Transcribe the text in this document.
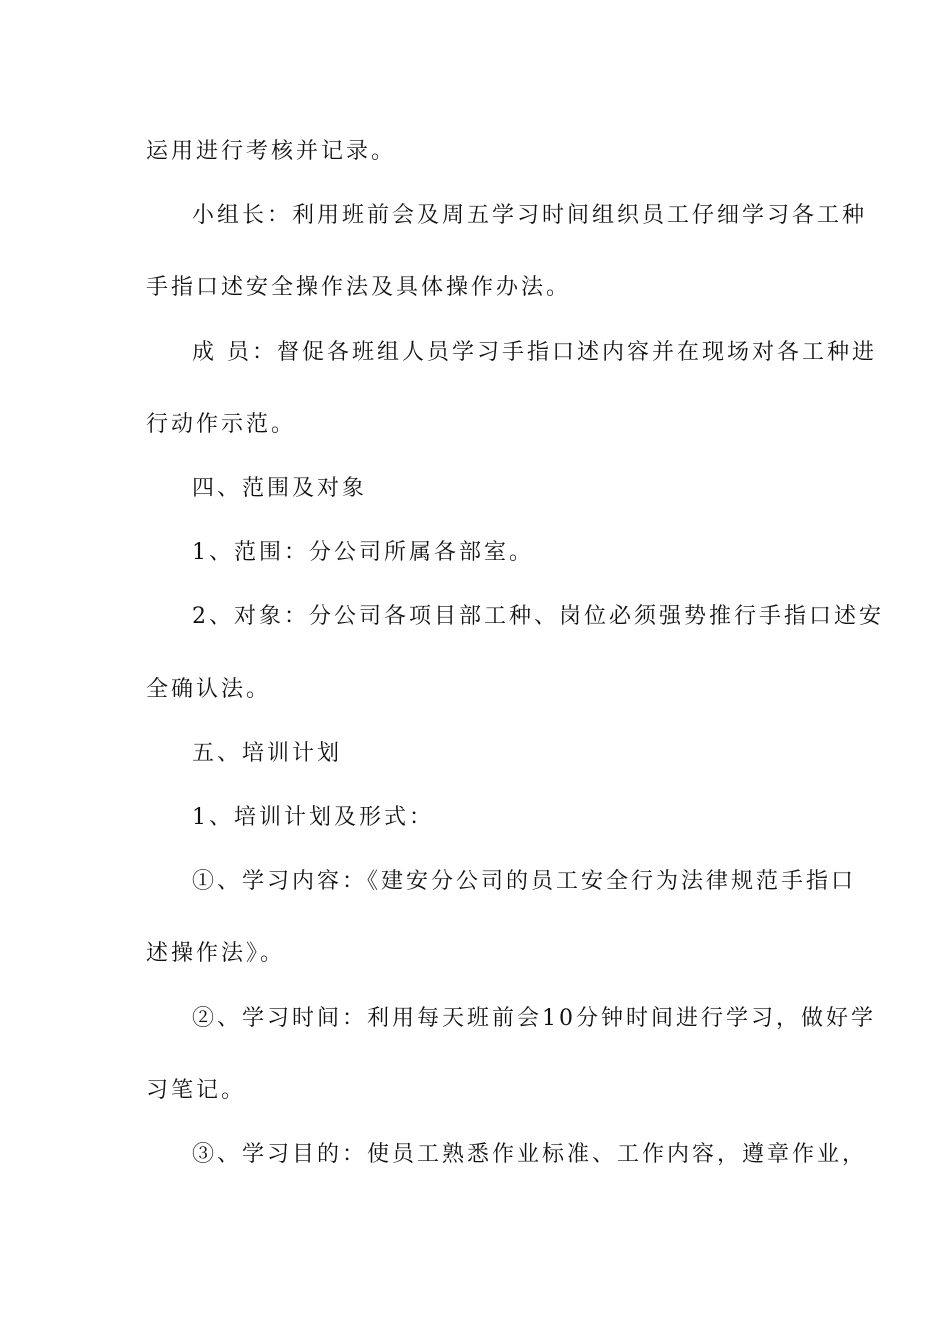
运用进行考核并记录。
小组长：利用班前会及周五学习时间组织员工仔细学习各工种
手指口述安全操作法及具体操作办法。
成 员：督促各班组人员学习手指口述内容并在现场对各工种进
行动作示范。
四、范围及对象
1、范围：分公司所属各部室。
2、对象：分公司各项目部工种、岗位必须强势推行手指口述安
全确认法。
五、培训计划
1、培训计划及形式：
①、学习内容：《建安分公司的员工安全行为法律规范手指口
述操作法》。
②、学习时间：利用每天班前会10分钟时间进行学习，做好学
习笔记。
③、学习目的：使员工熟悉作业标准、工作内容，遵章作业，
